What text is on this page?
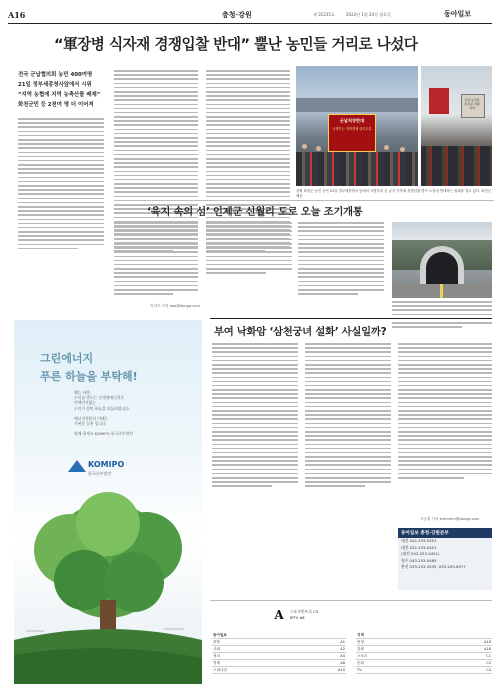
A16	충청·강원	제 31235호	2022년 1월 24일 월요일	동아일보
“軍장병 식자재 경쟁입찰 반대” 뿔난 농민들 거리로 나섰다
전국 군납협의회 농민 400여명
21일 정부세종청사앞에서 시위
“지역 농협에 지역 농축산물 배제”
화천군민 등 2천여 명 더 이어져
군납직장반대
국방부는 지역경제 살리도록
군납 농민들 존속된 지원하라
강원 화천군 농민 등이 21일 정부세종청사 앞에서 국방부의 군 급식 식자재 경쟁입찰 방식 도입에 반대하는 집회를 열고 있다. 화천군 제공
‘육지 속의 섬’ 인제군 신월리 도로 오늘 조기개통
이인모 기자 imo@donga.com
그린에너지
푸른 하늘을 부탁해!
해는 바람,
우리를 만드는 신재생에너지로
미세먼지없는
우리가 살던 하늘을 되돌려봅니다.
에너지전환의 미래는
가벼운 실천 입니다.
함께 하세요 KOMIPO 한국중부발전
KOMIPO
한국중부발전
부여 낙화암 ‘삼천궁녀 설화’ 사실일까?
사공훈 기자 kmmmm@donga.com
동아일보 충청·강원본부
대전 042-253-0451
대전 042-253-0451
(대전 042-253-0451)
청주 043-253-0465
춘천 033-253-3535, 033-253-8577
A	스포츠인트로 C3
IPTV A8
동아일보	
종합	A1
사회	A2
정치	A4
경제	A8
오피니언	A10
지역	
충청	A16
강원	A16
스포츠	C1
문화	C2
TV	C4
